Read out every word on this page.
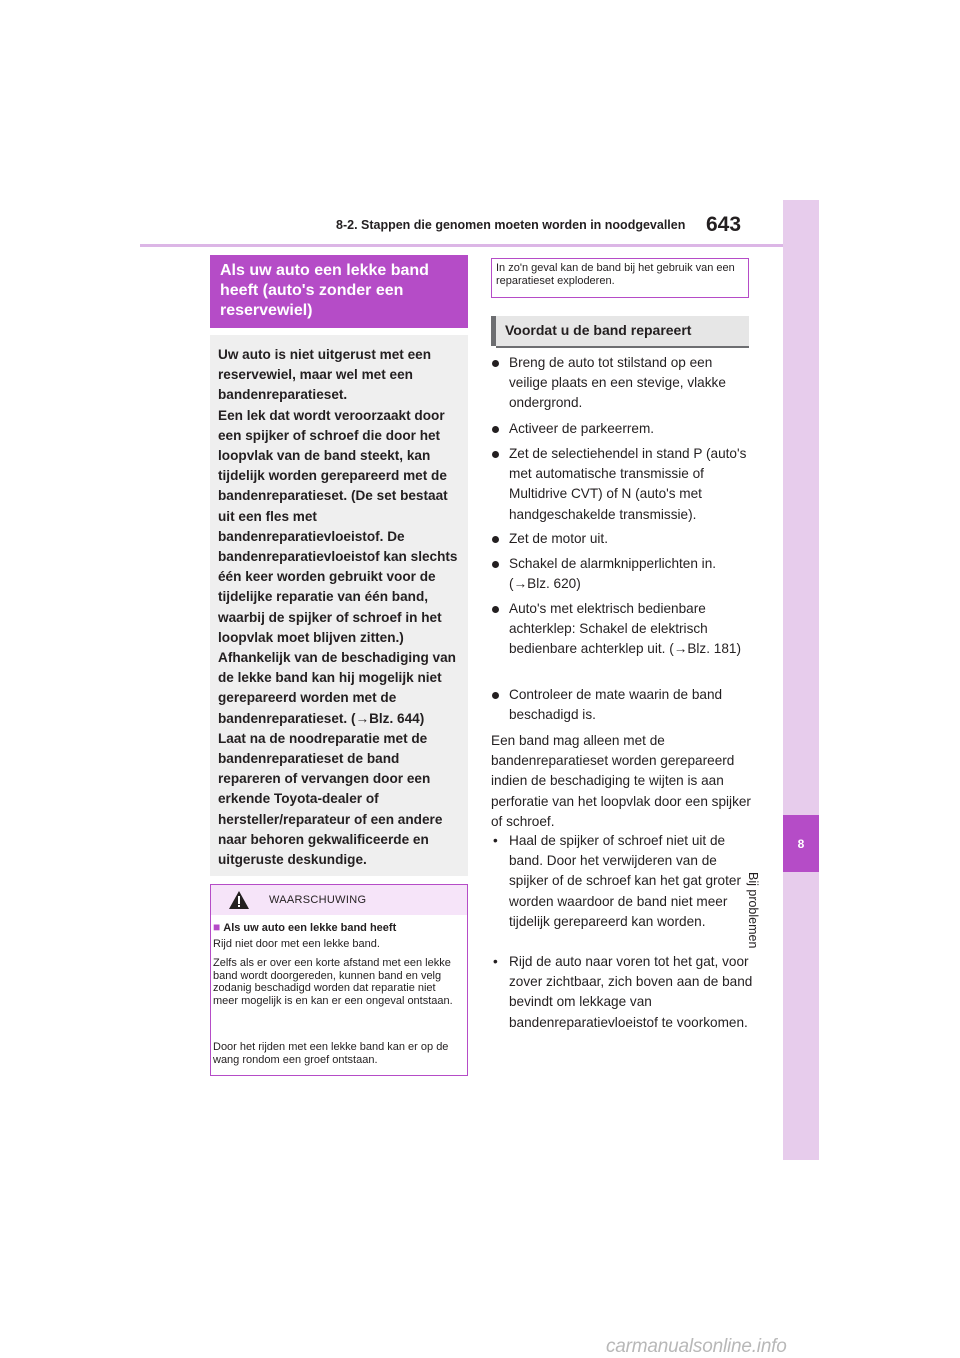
8-2. Stappen die genomen moeten worden in noodgevallen 643
8
Bij problemen
Als uw auto een lekke band heeft (auto's zonder een reservewiel)

Uw auto is niet uitgerust met een reservewiel, maar wel met een bandenreparatieset.
Een lek dat wordt veroorzaakt door een spijker of schroef die door het loopvlak van de band steekt, kan tijdelijk worden gerepareerd met de bandenreparatieset. (De set bestaat uit een fles met bandenreparatievloeistof. De bandenreparatievloeistof kan slechts één keer worden gebruikt voor de tijdelijke reparatie van één band, waarbij de spijker of schroef in het loopvlak moet blijven zitten.)
Afhankelijk van de beschadiging van de lekke band kan hij mogelijk niet gerepareerd worden met de bandenreparatieset. (→Blz. 644)
Laat na de noodreparatie met de bandenreparatieset de band repareren of vervangen door een erkende Toyota-dealer of hersteller/reparateur of een andere naar behoren gekwalificeerde en uitgeruste deskundige.

WAARSCHUWING
■ Als uw auto een lekke band heeft

Rijd niet door met een lekke band.

Zelfs als er over een korte afstand met een lekke band wordt doorgereden, kunnen band en velg zodanig beschadigd worden dat reparatie niet meer mogelijk is en kan er een ongeval ontstaan.

Door het rijden met een lekke band kan er op de wang rondom een groef ontstaan.

In zo'n geval kan de band bij het gebruik van een reparatieset exploderen.
Voordat u de band repareert

Breng de auto tot stilstand op een veilige plaats en een stevige, vlakke ondergrond.

Activeer de parkeerrem.

Zet de selectiehendel in stand P (auto's met automatische transmissie of Multidrive CVT) of N (auto's met handgeschakelde transmissie).

Zet de motor uit.

Schakel de alarmknipperlichten in. (→Blz. 620)

Auto's met elektrisch bedienbare achterklep: Schakel de elektrisch bedienbare achterklep uit. (→Blz. 181)

Controleer de mate waarin de band beschadigd is.

Een band mag alleen met de bandenreparatieset worden gerepareerd indien de beschadiging te wijten is aan perforatie van het loopvlak door een spijker of schroef.

• Haal de spijker of schroef niet uit de band. Door het verwijderen van de spijker of de schroef kan het gat groter worden waardoor de band niet meer tijdelijk gerepareerd kan worden.

• Rijd de auto naar voren tot het gat, voor zover zichtbaar, zich boven aan de band bevindt om lekkage van bandenreparatievloeistof te voorkomen.

carmanualsonline.info
